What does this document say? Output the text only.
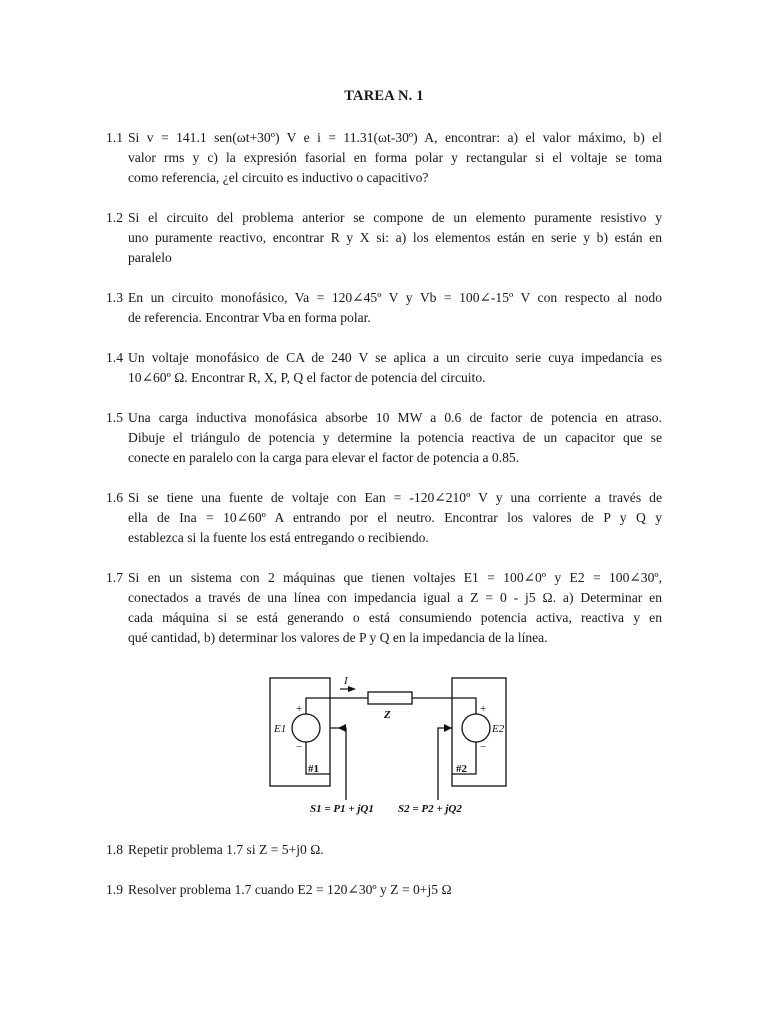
TAREA N. 1
1.1 Si v = 141.1 sen(ωt+30º) V e i = 11.31(ωt-30º) A, encontrar: a) el valor máximo, b) el
valor rms y c) la expresión fasorial en forma polar y rectangular si el voltaje se toma
como referencia, ¿el circuito es inductivo o capacitivo?
1.2 Si el circuito del problema anterior se compone de un elemento puramente resistivo y
uno puramente reactivo, encontrar R y X si: a) los elementos están en serie y b) están en
paralelo
1.3 En un circuito monofásico, Va = 120∠45º V y Vb = 100∠-15º V con respecto al nodo
de referencia. Encontrar Vba en forma polar.
1.4 Un voltaje monofásico de CA de 240 V se aplica a un circuito serie cuya impedancia es
10∠60º Ω. Encontrar R, X, P, Q el factor de potencia del circuito.
1.5 Una carga inductiva monofásica absorbe 10 MW a 0.6 de factor de potencia en atraso.
Dibuje el triángulo de potencia y determine la potencia reactiva de un capacitor que se
conecte en paralelo con la carga para elevar el factor de potencia a 0.85.
1.6 Si se tiene una fuente de voltaje con Ean = -120∠210º V y una corriente a través de
ella de Ina = 10∠60º A entrando por el neutro. Encontrar los valores de P y Q y
establezca si la fuente los está entregando o recibiendo.
1.7 Si en un sistema con 2 máquinas que tienen voltajes E1 = 100∠0º y E2 = 100∠30º,
conectados a través de una línea con impedancia igual a Z = 0 - j5 Ω. a) Determinar en
cada máquina si se está generando o está consumiendo potencia activa, reactiva y en
qué cantidad, b) determinar los valores de P y Q en la impedancia de la línea.
1.8 Repetir problema 1.7 si Z = 5+j0 Ω.
1.9 Resolver problema 1.7 cuando E2 = 120∠30º y Z = 0+j5 Ω
I
Z
E1	E2
+
−
+
−
#1	#2
S1 = P1 + jQ1 S2 = P2 + jQ2
